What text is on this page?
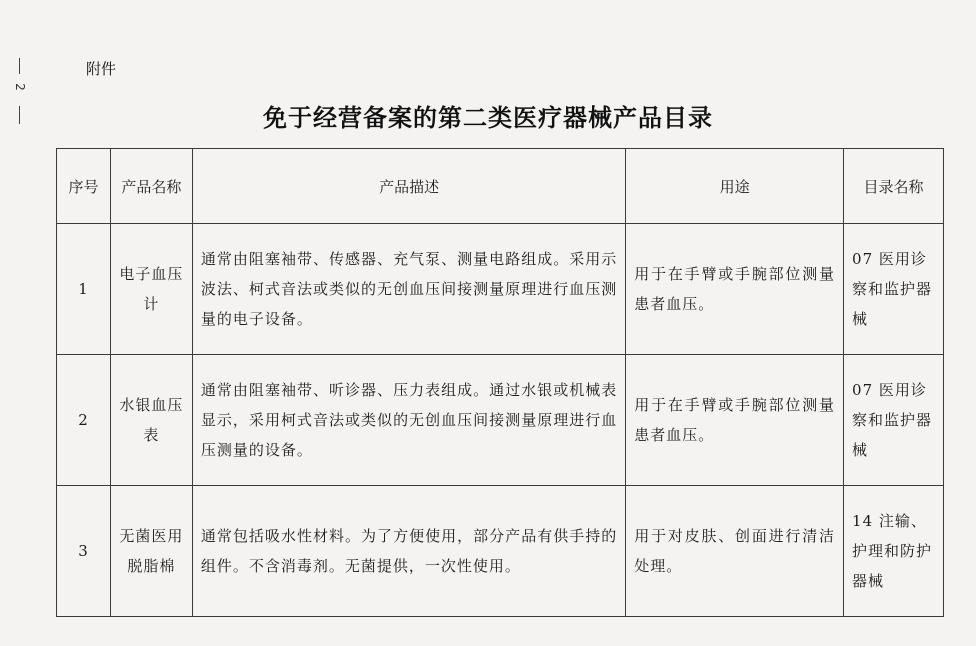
2
附件
免于经营备案的第二类医疗器械产品目录
序号	产品名称	产品描述	用途	目录名称
1	电子血压计	通常由阻塞袖带、传感器、充气泵、测量电路组成。采用示波法、柯式音法或类似的无创血压间接测量原理进行血压测量的电子设备。	用于在手臂或手腕部位测量患者血压。	07 医用诊察和监护器械
2	水银血压表	通常由阻塞袖带、听诊器、压力表组成。通过水银或机械表显示，采用柯式音法或类似的无创血压间接测量原理进行血压测量的设备。	用于在手臂或手腕部位测量患者血压。	07 医用诊察和监护器械
3	无菌医用脱脂棉	通常包括吸水性材料。为了方便使用，部分产品有供手持的组件。不含消毒剂。无菌提供，一次性使用。	用于对皮肤、创面进行清洁处理。	14 注输、护理和防护器械
